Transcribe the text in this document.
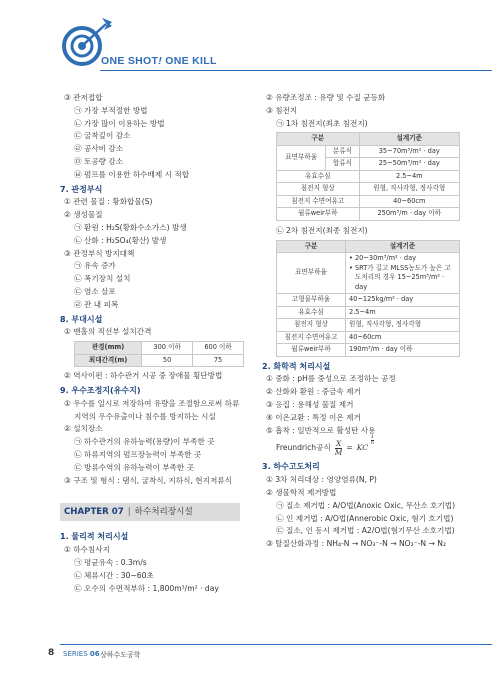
ONE SHOT! ONE KILL
③ 관저접합
㉠ 가장 부적절한 방법
㉡ 가장 많이 이용하는 방법
㉢ 굴착깊이 감소
㉣ 공사비 감소
㉤ 토공량 감소
㉥ 펌프를 이용한 하수배제 시 적합
7. 관정부식
① 관련 물질 : 황화합물(S)
② 생성물질
㉠ 환원 : H₂S(황화수소가스) 발생
㉡ 산화 : H₂SO₄(황산) 발생
③ 관정부식 방지대책
㉠ 유속 증가
㉡ 폭기장치 설치
㉢ 염소 살포
㉣ 관 내 피복
8. 부대시설
① 맨홀의 직선부 설치간격
관경(mm)	300 이하	600 이하
최대간격(m)	50	75
② 역사이펀 : 하수관거 시공 중 장애물 횡단방법
9. 우수조정지(유수지)
① 우수를 일시로 저장하여 유량을 조절함으로써 하류지역의 우수유출이나 침수를 방지하는 시설
② 설치장소
㉠ 하수관거의 유하능력(용량)이 부족한 곳
㉡ 하류지역의 펌프장능력이 부족한 곳
㉢ 방류수역의 유하능력이 부족한 곳
③ 구조 및 형식 : 댐식, 굴착식, 지하식, 현지저류식
CHAPTER 07 | 하수처리장시설
1. 물리적 처리시설
① 하수침사지
㉠ 평균유속 : 0.3m/s
㉡ 체류시간 : 30~60초
㉢ 오수의 수면적부하 : 1,800m³/m² · day
② 유량조정조 : 유량 및 수질 균등화
③ 침전지
㉠ 1차 침전지(최초 침전지)
구분		설계기준
표면부하율	분류식	35~70m³/m² · day
	합류식	25~50m³/m² · day
유효수심		2.5~4m
침전지 형상		원형, 직사각형, 정사각형
침전지 수면여유고		40~60cm
월류weir부하		250m³/m · day 이하
㉡ 2차 침전지(최종 침전지)
구분	설계기준
표면부하율	• 20~30m³/m² · day
• SRT가 길고 MLSS농도가 높은 고도처리의 경우 15~25m³/m² · day

고형물부하율	40~125kg/m² · day
유효수심	2.5~4m
침전지 형상	원형, 직사각형, 정사각형
침전지 수면여유고	40~60cm
월류weir부하	190m³/m · day 이하
2. 화학적 처리시설
① 중화 : pH를 중성으로 조정하는 공정
② 산화와 환원 : 중금속 제거
③ 응집 : 용해성 물질 제거
④ 이온교환 : 특정 이온 제거
⑤ 흡착 : 일반적으로 활성탄 사용
Freundrich공식 $\frac{X}{M}$ = KC
$\frac{1}{n}$
3. 하수고도처리
① 3차 처리대상 : 영양염류(N, P)
② 생물학적 제거방법
㉠ 질소 제거법 : A/O법(Anoxic Oxic, 무산소 호기법)
㉡ 인 제거법 : A/O법(Annerobic Oxic, 혐기 호기법)
㉢ 질소, 인 동시 제거법 : A2/O법(혐기무산 소호기법)
③ 탈질산화과정 : NH₄-N → NO₃⁻-N → NO₂⁻-N → N₂
8 SERIES 06 상하수도공학
